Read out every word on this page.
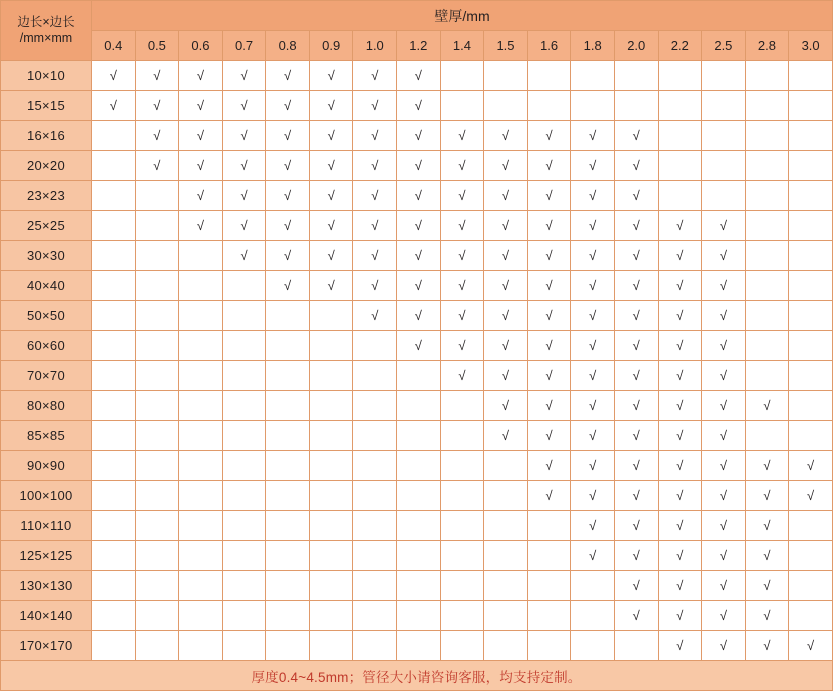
边长×边长
/mm×mm	壁厚/mm																
	0.4	0.5	0.6	0.7	0.8	0.9	1.0	1.2	1.4	1.5	1.6	1.8	2.0	2.2	2.5	2.8	3.0
10×10	√	√	√	√	√	√	√	√									
15×15	√	√	√	√	√	√	√	√									
16×16		√	√	√	√	√	√	√	√	√	√	√	√				
20×20		√	√	√	√	√	√	√	√	√	√	√	√				
23×23			√	√	√	√	√	√	√	√	√	√	√				
25×25			√	√	√	√	√	√	√	√	√	√	√	√	√		
30×30				√	√	√	√	√	√	√	√	√	√	√	√		
40×40					√	√	√	√	√	√	√	√	√	√	√		
50×50							√	√	√	√	√	√	√	√	√		
60×60								√	√	√	√	√	√	√	√		
70×70									√	√	√	√	√	√	√		
80×80										√	√	√	√	√	√	√	
85×85										√	√	√	√	√	√		
90×90											√	√	√	√	√	√	√
100×100											√	√	√	√	√	√	√
110×110												√	√	√	√	√	
125×125												√	√	√	√	√	
130×130													√	√	√	√	
140×140													√	√	√	√	
170×170														√	√	√	√
厚度0.4~4.5mm；管径大小请咨询客服，均支持定制。																	
